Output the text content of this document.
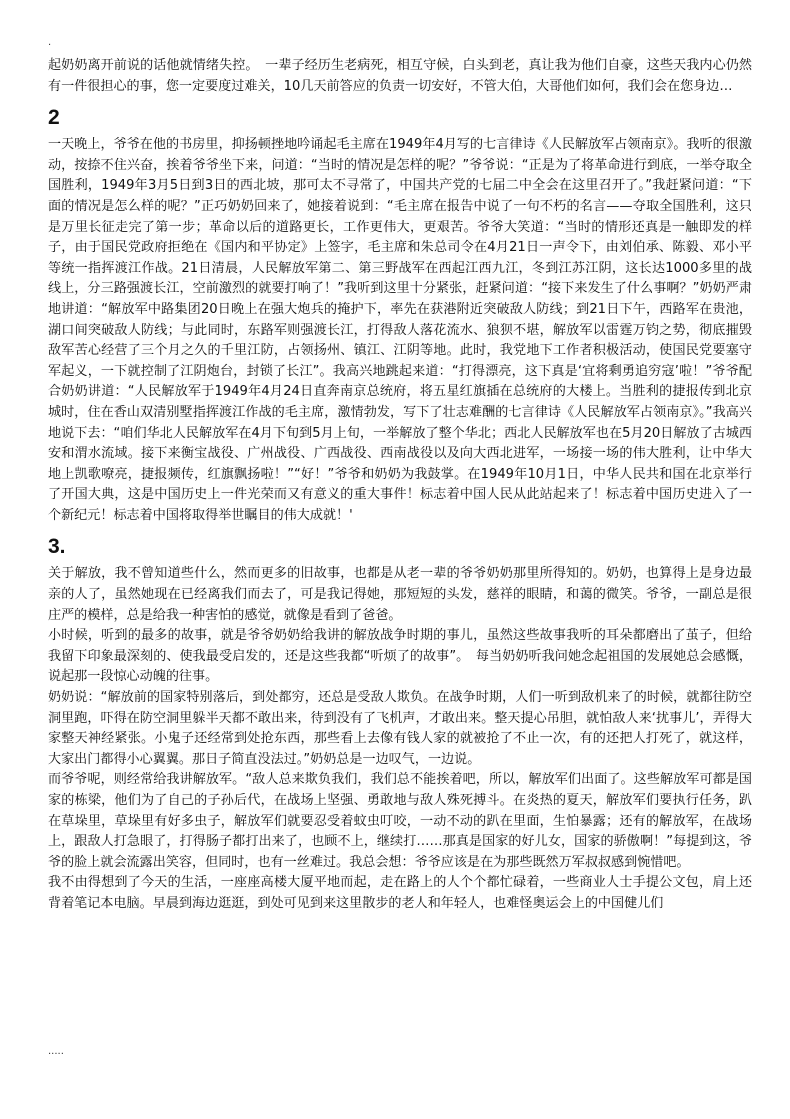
·

起奶奶离开前说的话他就情绪失控。　一辈子经历生老病死，相互守候，白头到老，真让我为他们自豪，这些天我内心仍然有一件很担心的事，您一定要度过难关，10几天前答应的负责一切安好，不管大伯，大哥他们如何，我们会在您身边…

2

一天晚上，爷爷在他的书房里，抑扬顿挫地吟诵起毛主席在1949年4月写的七言律诗《人民解放军占领南京》。我听的很激动，按捺不住兴奋，挨着爷爷坐下来，问道：“当时的情况是怎样的呢？”爷爷说：“正是为了将革命进行到底，一举夺取全国胜利，1949年3月5日到3日的西北坡，那可太不寻常了，中国共产党的七届二中全会在这里召开了。”我赶紧问道：“下面的情况是怎么样的呢？”正巧奶奶回来了，她接着说到：“毛主席在报告中说了一句不朽的名言——夺取全国胜利，这只是万里长征走完了第一步；革命以后的道路更长，工作更伟大，更艰苦。爷爷大笑道：“当时的情形还真是一触即发的样子，由于国民党政府拒绝在《国内和平协定》上签字，毛主席和朱总司令在4月21日一声令下，由刘伯承、陈毅、邓小平等统一指挥渡江作战。21日清晨，人民解放军第二、第三野战军在西起江西九江，冬到江苏江阴，这长达1000多里的战线上，分三路强渡长江，空前激烈的就要打响了！”我听到这里十分紧张，赶紧问道：“接下来发生了什么事啊？”奶奶严肃地讲道：“解放军中路集团20日晚上在强大炮兵的掩护下，率先在获港附近突破敌人防线；到21日下午，西路军在贵池，湖口间突破敌人防线；与此同时，东路军则强渡长江，打得敌人落花流水、狼狈不堪，解放军以雷霆万钧之势，彻底摧毁敌军苦心经营了三个月之久的千里江防，占领扬州、镇江、江阴等地。此时，我党地下工作者积极活动，使国民党要塞守军起义，一下就控制了江阴炮台，封锁了长江”。我高兴地跳起来道：“打得漂亮，这下真是‘宜将剩勇追穷寇’啦！”爷爷配合奶奶讲道：“人民解放军于1949年4月24日直奔南京总统府，将五星红旗插在总统府的大楼上。当胜利的捷报传到北京城时，住在香山双清别墅指挥渡江作战的毛主席，激情勃发，写下了壮志难酬的七言律诗《人民解放军占领南京》。”我高兴地说下去：“咱们华北人民解放军在4月下旬到5月上旬，一举解放了整个华北；西北人民解放军也在5月20日解放了古城西安和渭水流域。接下来衡宝战役、广州战役、广西战役、西南战役以及向大西北进军，一场接一场的伟大胜利，让中华大地上凯歌嘹亮，捷报频传，红旗飘扬啦！”“好！”爷爷和奶奶为我鼓掌。在1949年10月1日，中华人民共和国在北京举行了开国大典，这是中国历史上一件光荣而又有意义的重大事件！标志着中国人民从此站起来了！标志着中国历史进入了一个新纪元！标志着中国将取得举世瞩目的伟大成就！'

3.

关于解放，我不曾知道些什么，然而更多的旧故事，也都是从老一辈的爷爷奶奶那里所得知的。奶奶，也算得上是身边最亲的人了，虽然她现在已经离我们而去了，可是我记得她，那短短的头发，慈祥的眼睛，和蔼的微笑。爷爷，一副总是很庄严的模样，总是给我一种害怕的感觉，就像是看到了爸爸。

小时候，听到的最多的故事，就是爷爷奶奶给我讲的解放战争时期的事儿，虽然这些故事我听的耳朵都磨出了茧子，但给我留下印象最深刻的、使我最受启发的，还是这些我都“听烦了的故事”。　每当奶奶听我问她念起祖国的发展她总会感慨，说起那一段惊心动魄的往事。

奶奶说：“解放前的国家特别落后，到处都穷，还总是受敌人欺负。在战争时期，人们一听到敌机来了的时候，就都往防空洞里跑，吓得在防空洞里躲半天都不敢出来，待到没有了飞机声，才敢出来。整天提心吊胆，就怕敌人来‘扰事儿’，弄得大家整天神经紧张。小鬼子还经常到处抢东西，那些看上去像有钱人家的就被抢了不止一次，有的还把人打死了，就这样，大家出门都得小心翼翼。那日子简直没法过。”奶奶总是一边叹气，一边说。

而爷爷呢，则经常给我讲解放军。“敌人总来欺负我们，我们总不能挨着吧，所以，解放军们出面了。这些解放军可都是国家的栋梁，他们为了自己的子孙后代，在战场上坚强、勇敢地与敌人殊死搏斗。在炎热的夏天，解放军们要执行任务，趴在草垛里，草垛里有好多虫子，解放军们就要忍受着蚊虫叮咬，一动不动的趴在里面，生怕暴露；还有的解放军，在战场上，跟敌人打急眼了，打得肠子都打出来了，也顾不上，继续打……那真是国家的好儿女，国家的骄傲啊！”每提到这，爷爷的脸上就会流露出笑容，但同时，也有一丝难过。我总会想：爷爷应该是在为那些既然万军叔叔感到惋惜吧。

我不由得想到了今天的生活，一座座高楼大厦平地而起，走在路上的人个个都忙碌着，一些商业人士手提公文包，肩上还背着笔记本电脑。早晨到海边逛逛，到处可见到来这里散步的老人和年轻人，也难怪奥运会上的中国健儿们

.....
